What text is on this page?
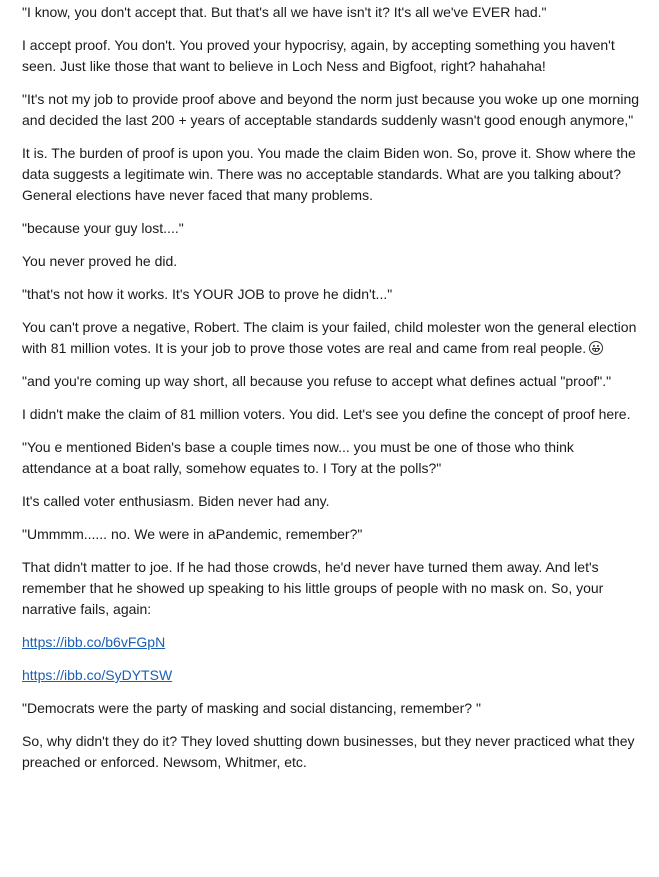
"I know, you don't accept that. But that's all we have isn't it? It's all we've EVER had."

I accept proof. You don't. You proved your hypocrisy, again, by accepting something you haven't seen. Just like those that want to believe in Loch Ness and Bigfoot, right? hahahaha!

"It's not my job to provide proof above and beyond the norm just because you woke up one morning and decided the last 200 + years of acceptable standards suddenly wasn't good enough anymore,"

It is. The burden of proof is upon you. You made the claim Biden won. So, prove it. Show where the data suggests a legitimate win. There was no acceptable standards. What are you talking about? General elections have never faced that many problems.

"because your guy lost...."

You never proved he did.

"that's not how it works. It's YOUR JOB to prove he didn't..."

You can't prove a negative, Robert. The claim is your failed, child molester won the general election with 81 million votes. It is your job to prove those votes are real and came from real people.

"and you're coming up way short, all because you refuse to accept what defines actual "proof"."

I didn't make the claim of 81 million voters. You did. Let's see you define the concept of proof here.

"You e mentioned Biden's base a couple times now... you must be one of those who think attendance at a boat rally, somehow equates to. I Tory at the polls?"

It's called voter enthusiasm. Biden never had any.

"Ummmm...... no. We were in aPandemic, remember?"

That didn't matter to joe. If he had those crowds, he'd never have turned them away. And let's remember that he showed up speaking to his little groups of people with no mask on. So, your narrative fails, again:

https://ibb.co/b6vFGpN

https://ibb.co/SyDYTSW

"Democrats were the party of masking and social distancing, remember? "

So, why didn't they do it? They loved shutting down businesses, but they never practiced what they preached or enforced. Newsom, Whitmer, etc.
